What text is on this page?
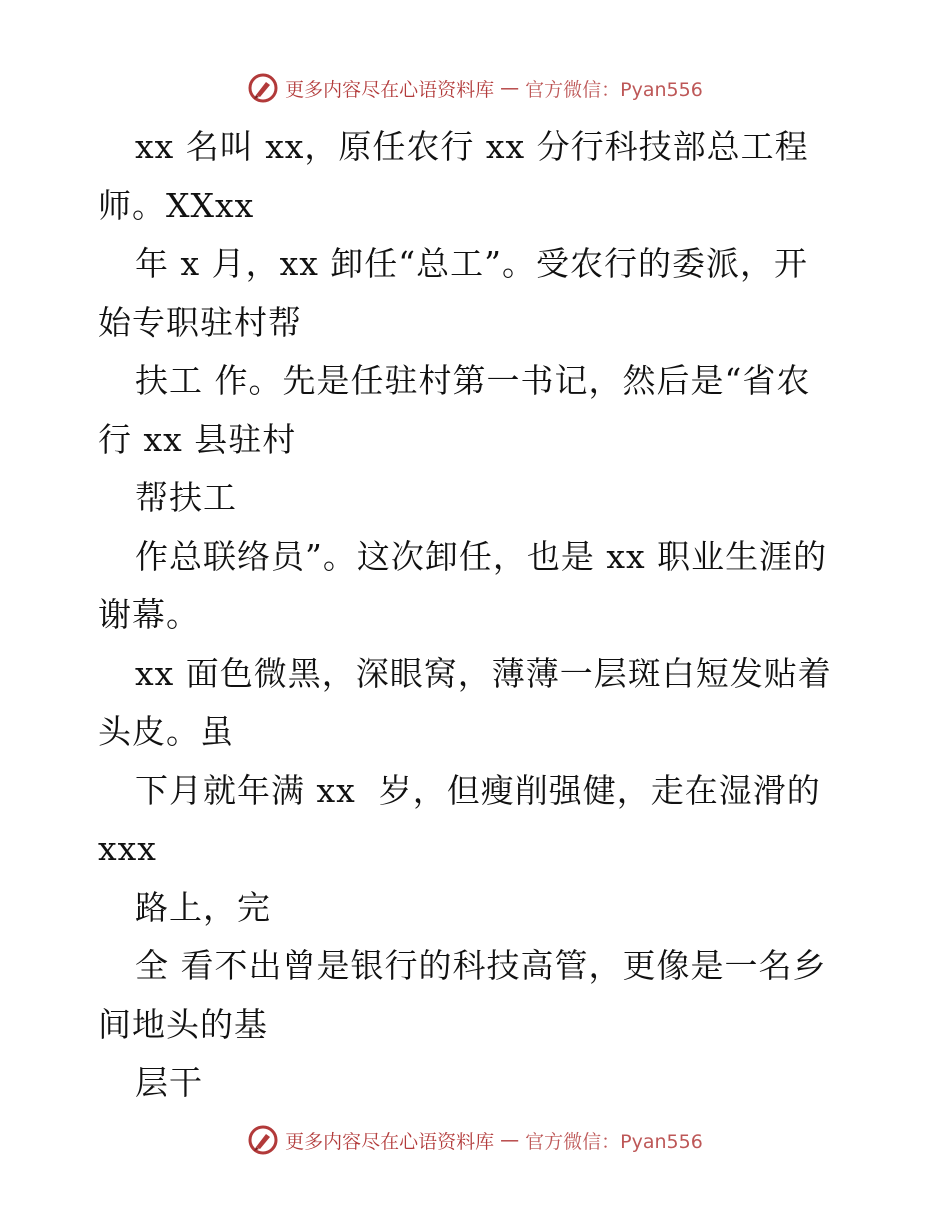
更多内容尽在心语资料库 — 官方微信：Pyan556
xx 名叫 xx，原任农行 xx 分行科技部总工程
师。XXxx
年 x 月，xx 卸任“总工”。受农行的委派，开
始专职驻村帮
扶工 作。先是任驻村第一书记，然后是“省农
行 xx 县驻村
帮扶工
作总联络员”。这次卸任，也是 xx 职业生涯的
谢幕。
xx 面色微黑，深眼窝，薄薄一层斑白短发贴着
头皮。虽
下月就年满 xx  岁，但瘦削强健，走在湿滑的
xxx
路上，完
全 看不出曾是银行的科技高管，更像是一名乡
间地头的基
层干
更多内容尽在心语资料库 — 官方微信：Pyan556
